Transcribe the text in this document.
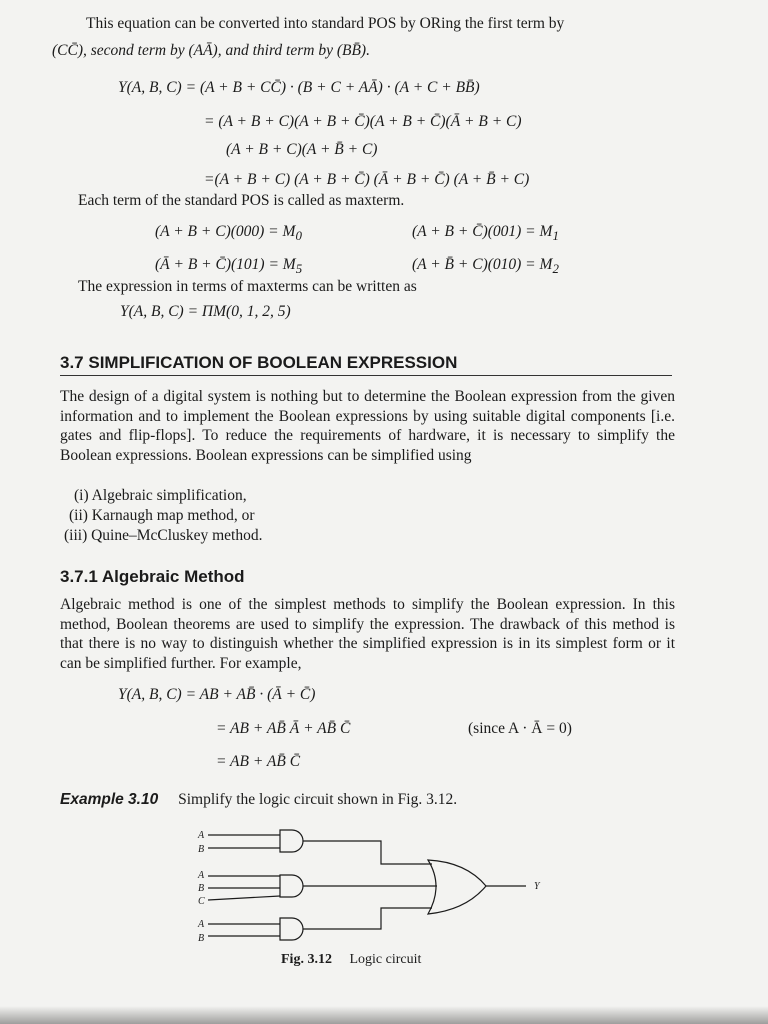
This equation can be converted into standard POS by ORing the first term by
(CC̄), second term by (AĀ), and third term by (BB̄).
Y(A, B, C) = (A + B + CC̄) · (B + C + AĀ) · (A + C + BB̄)
= (A + B + C)(A + B + C̄)(A + B + C̄)(Ā + B + C)
(A + B + C)(A + B̄ + C)
=(A + B + C) (A + B + C̄) (Ā + B + C̄) (A + B̄ + C)
Each term of the standard POS is called as maxterm.
$(A + B + C)(000) = M_0$	(A + B + C̄)(001) = $M_1$
(Ā + B + C̄)(101) = $M_5$	(A + B̄ + $C)(010) = M_2$
The expression in terms of maxterms can be written as
Y(A, B, C) = ΠM(0, 1, 2, 5)
3.7 SIMPLIFICATION OF BOOLEAN EXPRESSION
The design of a digital system is nothing but to determine the Boolean expression from the given information and to implement the Boolean expressions by using suitable digital components [i.e. gates and flip-flops]. To reduce the requirements of hardware, it is necessary to simplify the Boolean expressions. Boolean expressions can be simplified using
(i) Algebraic simplification,
(ii) Karnaugh map method, or
(iii) Quine–McCluskey method.
3.7.1 Algebraic Method
Algebraic method is one of the simplest methods to simplify the Boolean expression. In this method, Boolean theorems are used to simplify the expression. The drawback of this method is that there is no way to distinguish whether the simplified expression is in its simplest form or it can be simplified further. For example,
Y(A, B, C) = AB + AB̄ · (Ā + C̄)
= AB + AB̄ Ā + AB̄ C̄	(since A · Ā = 0)
= AB + AB̄ C̄
Example 3.10 Simplify the logic circuit shown in Fig. 3.12.
A
B
A
B
C
A
B
Y
Fig. 3.12 Logic circuit
